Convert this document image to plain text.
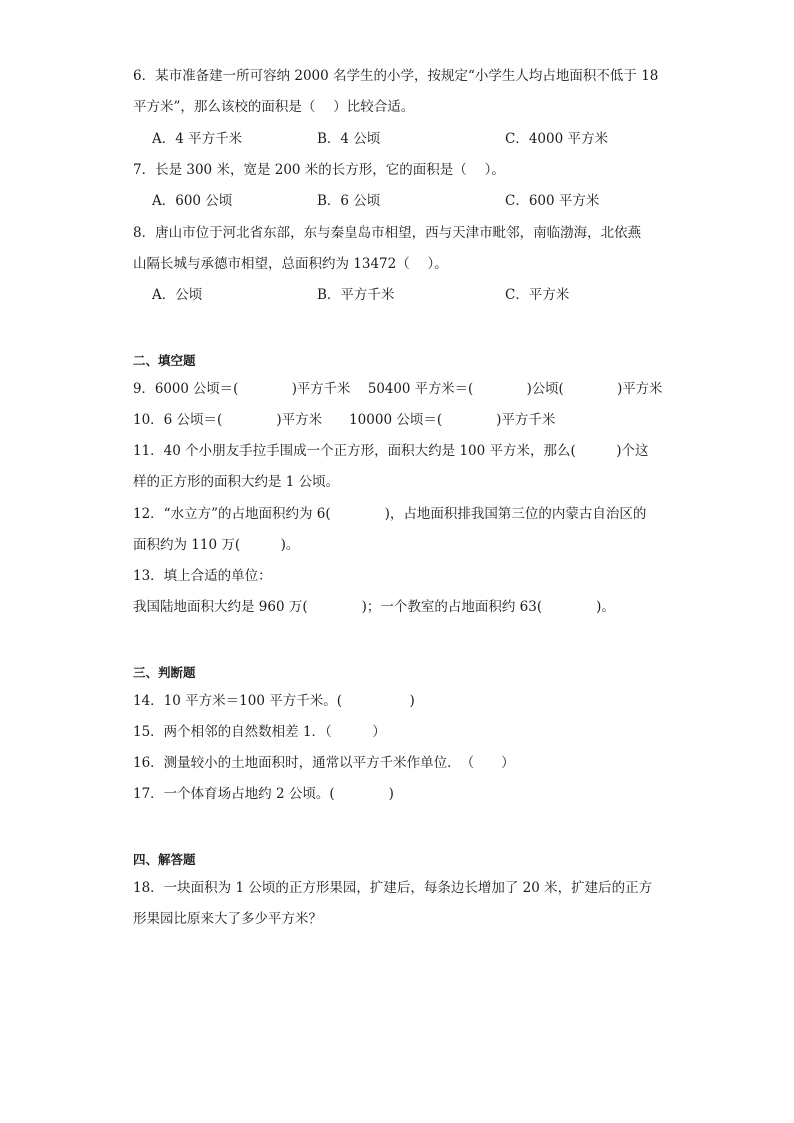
6．某市准备建一所可容纳 2000 名学生的小学，按规定“小学生人均占地面积不低于 18
平方米”，那么该校的面积是（　 ）比较合适。
A．4 平方千米	B．4 公顷	C．4000 平方米
7．长是 300 米，宽是 200 米的长方形，它的面积是（　 ）。
A．600 公顷	B．6 公顷	C．600 平方米
8．唐山市位于河北省东部，东与秦皇岛市相望，西与天津市毗邻，南临渤海，北依燕
山隔长城与承德市相望，总面积约为 13472（　 ）。
A．公顷	B．平方千米	C．平方米
二、填空题
9．6000 公顷＝(　　　　)平方千米　 50400 平方米＝(　　　　)公顷(　　　　)平方米
10．6 公顷＝(　　　　)平方米　　10000 公顷＝(　　　　)平方千米
11．40 个小朋友手拉手围成一个正方形，面积大约是 100 平方米，那么(　　　)个这
样的正方形的面积大约是 1 公顷。
12．“水立方”的占地面积约为 6(　　　　)，占地面积排我国第三位的内蒙古自治区的
面积约为 110 万(　　　)。
13．填上合适的单位：
我国陆地面积大约是 960 万(　　　　)；一个教室的占地面积约 63(　　　　)。
三、判断题
14．10 平方米＝100 平方千米。(　　　　　)
15．两个相邻的自然数相差 1．（　　　）
16．测量较小的土地面积时，通常以平方千米作单位．　（　　）
17．一个体育场占地约 2 公顷。(　　　　)
四、解答题
18．一块面积为 1 公顷的正方形果园，扩建后，每条边长增加了 20 米，扩建后的正方
形果园比原来大了多少平方米？
